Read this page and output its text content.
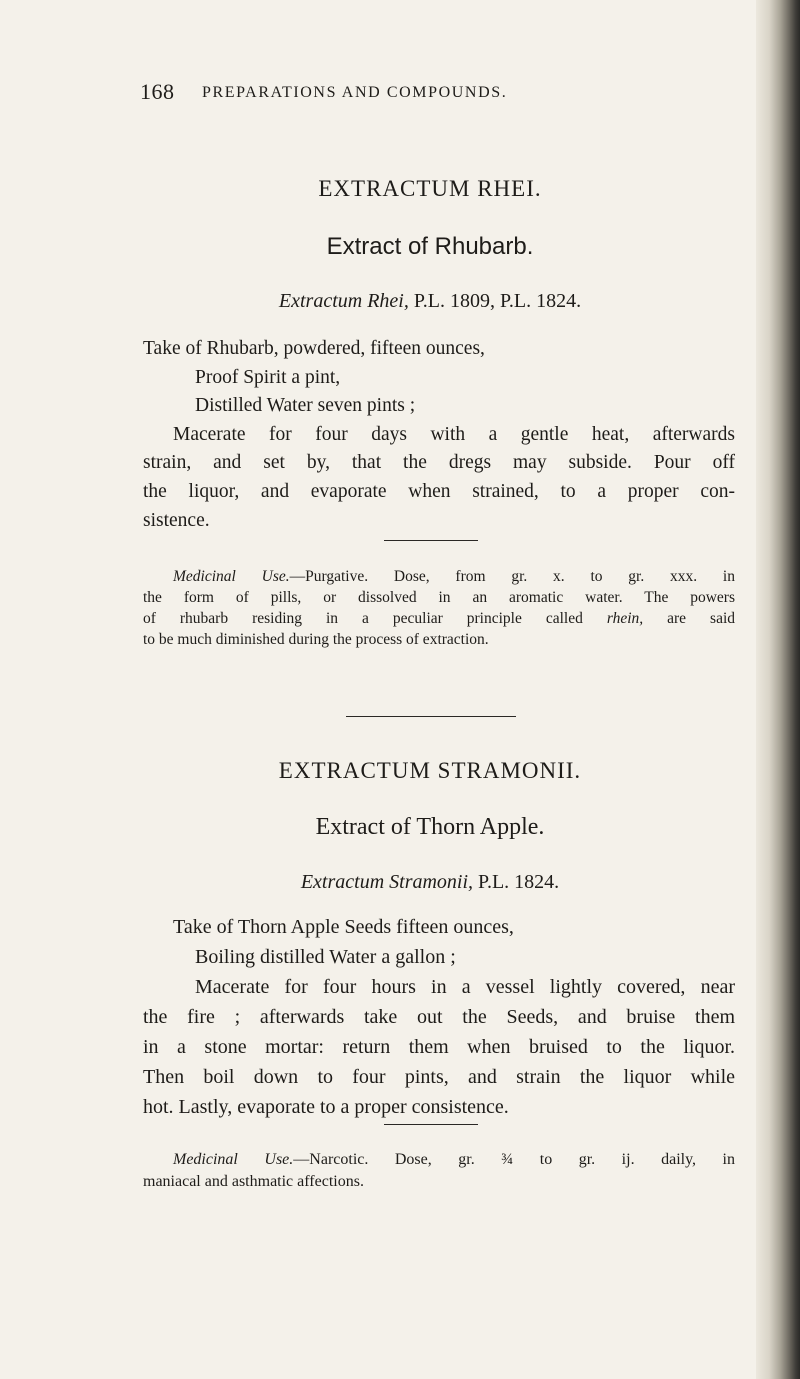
168 PREPARATIONS AND COMPOUNDS.
EXTRACTUM RHEI.
Extract of Rhubarb.
Extractum Rhei, P.L. 1809, P.L. 1824.
Take of Rhubarb, powdered, fifteen ounces,
Proof Spirit a pint,
Distilled Water seven pints ;
Macerate for four days with a gentle heat, afterwards
strain, and set by, that the dregs may subside. Pour off
the liquor, and evaporate when strained, to a proper con-
sistence.
Medicinal Use.—Purgative. Dose, from gr. x. to gr. xxx. in
the form of pills, or dissolved in an aromatic water. The powers
of rhubarb residing in a peculiar principle called rhein, are said
to be much diminished during the process of extraction.
EXTRACTUM STRAMONII.
Extract of Thorn Apple.
Extractum Stramonii, P.L. 1824.
Take of Thorn Apple Seeds fifteen ounces,
Boiling distilled Water a gallon ;
Macerate for four hours in a vessel lightly covered, near
the fire ; afterwards take out the Seeds, and bruise them
in a stone mortar: return them when bruised to the liquor.
Then boil down to four pints, and strain the liquor while
hot. Lastly, evaporate to a proper consistence.
Medicinal Use.—Narcotic. Dose, gr. ¾ to gr. ij. daily, in
maniacal and asthmatic affections.
